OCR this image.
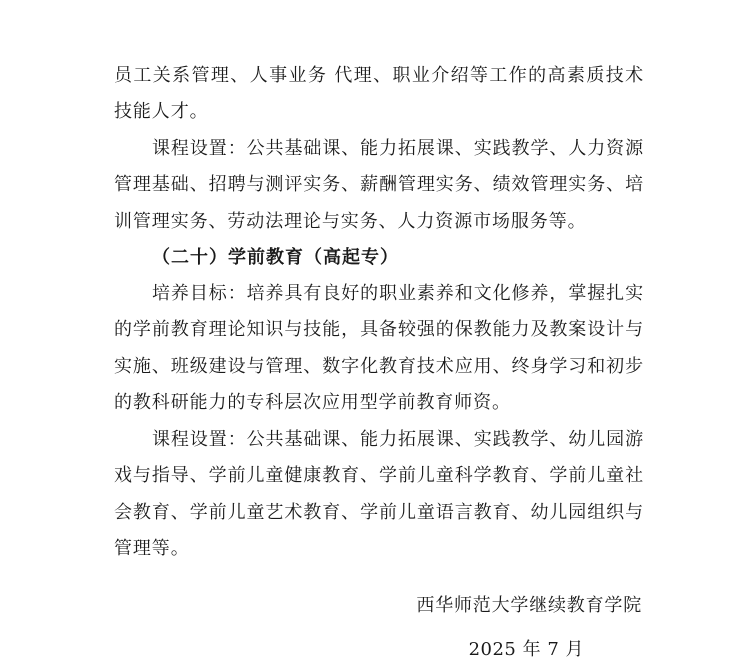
员工关系管理、人事业务 代理、职业介绍等工作的高素质技术技能人才。

课程设置：公共基础课、能力拓展课、实践教学、人力资源管理基础、招聘与测评实务、薪酬管理实务、绩效管理实务、培训管理实务、劳动法理论与实务、人力资源市场服务等。

（二十）学前教育（高起专）

培养目标：培养具有良好的职业素养和文化修养，掌握扎实的学前教育理论知识与技能，具备较强的保教能力及教案设计与实施、班级建设与管理、数字化教育技术应用、终身学习和初步的教科研能力的专科层次应用型学前教育师资。

课程设置：公共基础课、能力拓展课、实践教学、幼儿园游戏与指导、学前儿童健康教育、学前儿童科学教育、学前儿童社会教育、学前儿童艺术教育、学前儿童语言教育、幼儿园组织与管理等。

西华师范大学继续教育学院
2025 年 7 月
